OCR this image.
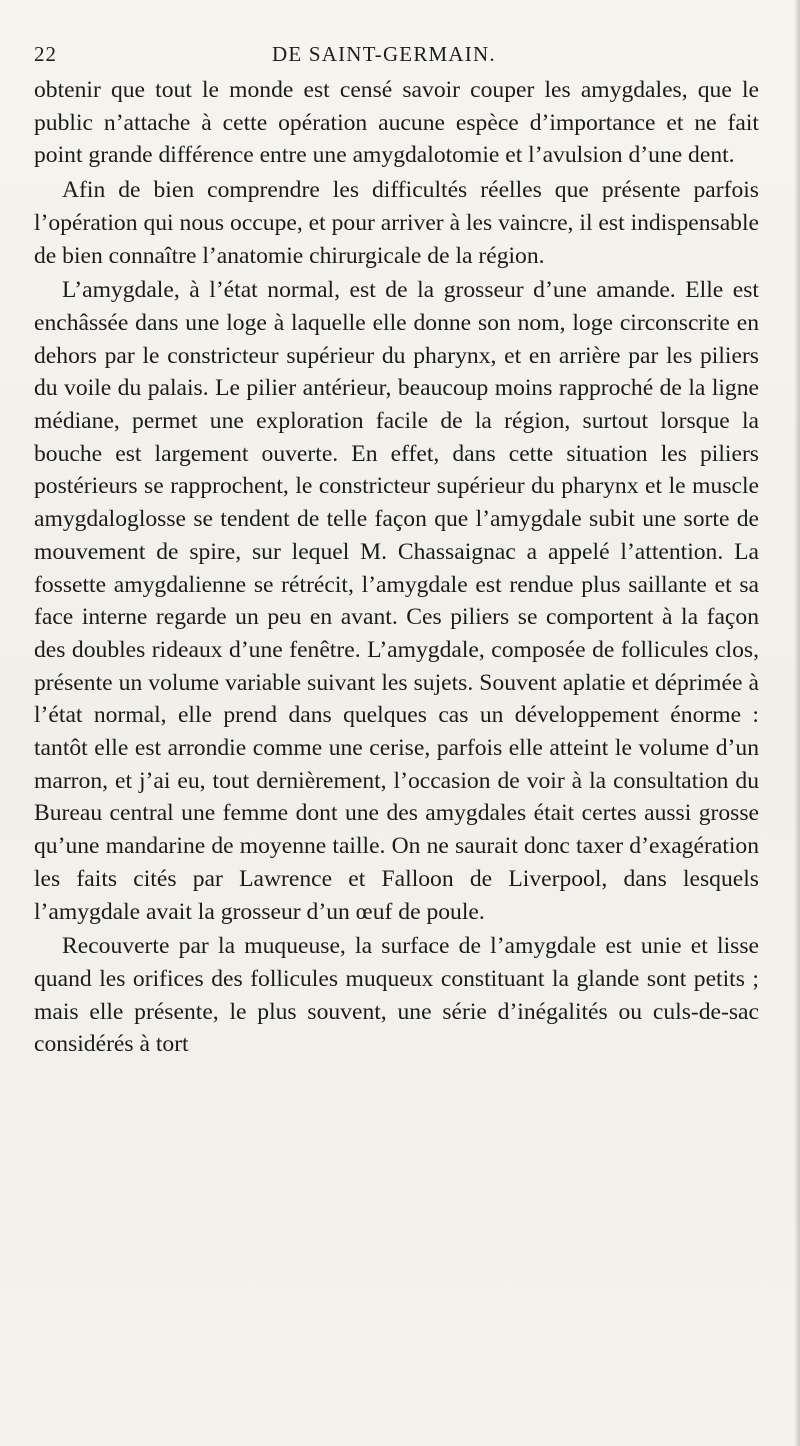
22	DE SAINT-GERMAIN.

obtenir que tout le monde est censé savoir couper les amygdales, que le public n’attache à cette opération aucune espèce d’importance et ne fait point grande différence entre une amygdalotomie et l’avulsion d’une dent.

Afin de bien comprendre les difficultés réelles que présente parfois l’opération qui nous occupe, et pour arriver à les vaincre, il est indispensable de bien connaître l’anatomie chirurgicale de la région.

L’amygdale, à l’état normal, est de la grosseur d’une amande. Elle est enchâssée dans une loge à laquelle elle donne son nom, loge circonscrite en dehors par le constricteur supérieur du pharynx, et en arrière par les piliers du voile du palais. Le pilier antérieur, beaucoup moins rapproché de la ligne médiane, permet une exploration facile de la région, surtout lorsque la bouche est largement ouverte. En effet, dans cette situation les piliers postérieurs se rapprochent, le constricteur supérieur du pharynx et le muscle amygdaloglosse se tendent de telle façon que l’amygdale subit une sorte de mouvement de spire, sur lequel M. Chassaignac a appelé l’attention. La fossette amygdalienne se rétrécit, l’amygdale est rendue plus saillante et sa face interne regarde un peu en avant. Ces piliers se comportent à la façon des doubles rideaux d’une fenêtre. L’amygdale, composée de follicules clos, présente un volume variable suivant les sujets. Souvent aplatie et déprimée à l’état normal, elle prend dans quelques cas un développement énorme : tantôt elle est arrondie comme une cerise, parfois elle atteint le volume d’un marron, et j’ai eu, tout dernièrement, l’occasion de voir à la consultation du Bureau central une femme dont une des amygdales était certes aussi grosse qu’une mandarine de moyenne taille. On ne saurait donc taxer d’exagération les faits cités par Lawrence et Falloon de Liverpool, dans lesquels l’amygdale avait la grosseur d’un œuf de poule.

Recouverte par la muqueuse, la surface de l’amygdale est unie et lisse quand les orifices des follicules muqueux constituant la glande sont petits ; mais elle présente, le plus souvent, une série d’inégalités ou culs-de-sac considérés à tort
